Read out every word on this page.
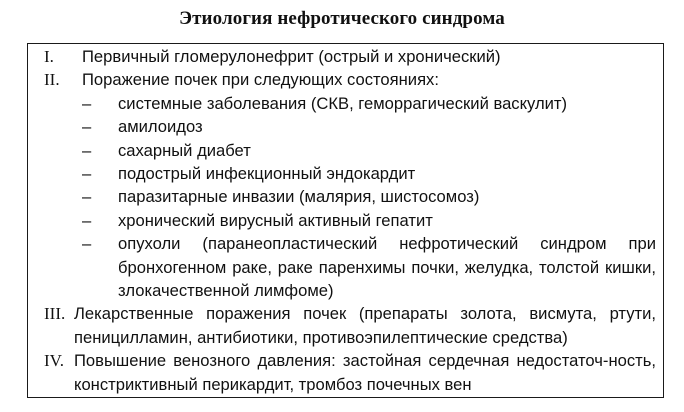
Этиология нефротического синдрома
I.	Первичный гломерулонефрит (острый и хронический)
II.	Поражение почек при следующих состояниях:
–	системные заболевания (СКВ, геморрагический васкулит)
–	амилоидоз
–	сахарный диабет
–	подострый инфекционный эндокардит
–	паразитарные инвазии (малярия, шистосомоз)
–	хронический вирусный активный гепатит
–	опухоли (паранеопластический нефротический синдром при бронхогенном раке, раке паренхимы почки, желудка, толстой кишки, злокачественной лимфоме)
III. Лекарственные поражения почек (препараты золота, висмута, ртути, пеницилламин, антибиотики, противоэпилептические средства)
IV. Повышение венозного давления: застойная сердечная недостаточ-ность, констриктивный перикардит, тромбоз почечных вен
